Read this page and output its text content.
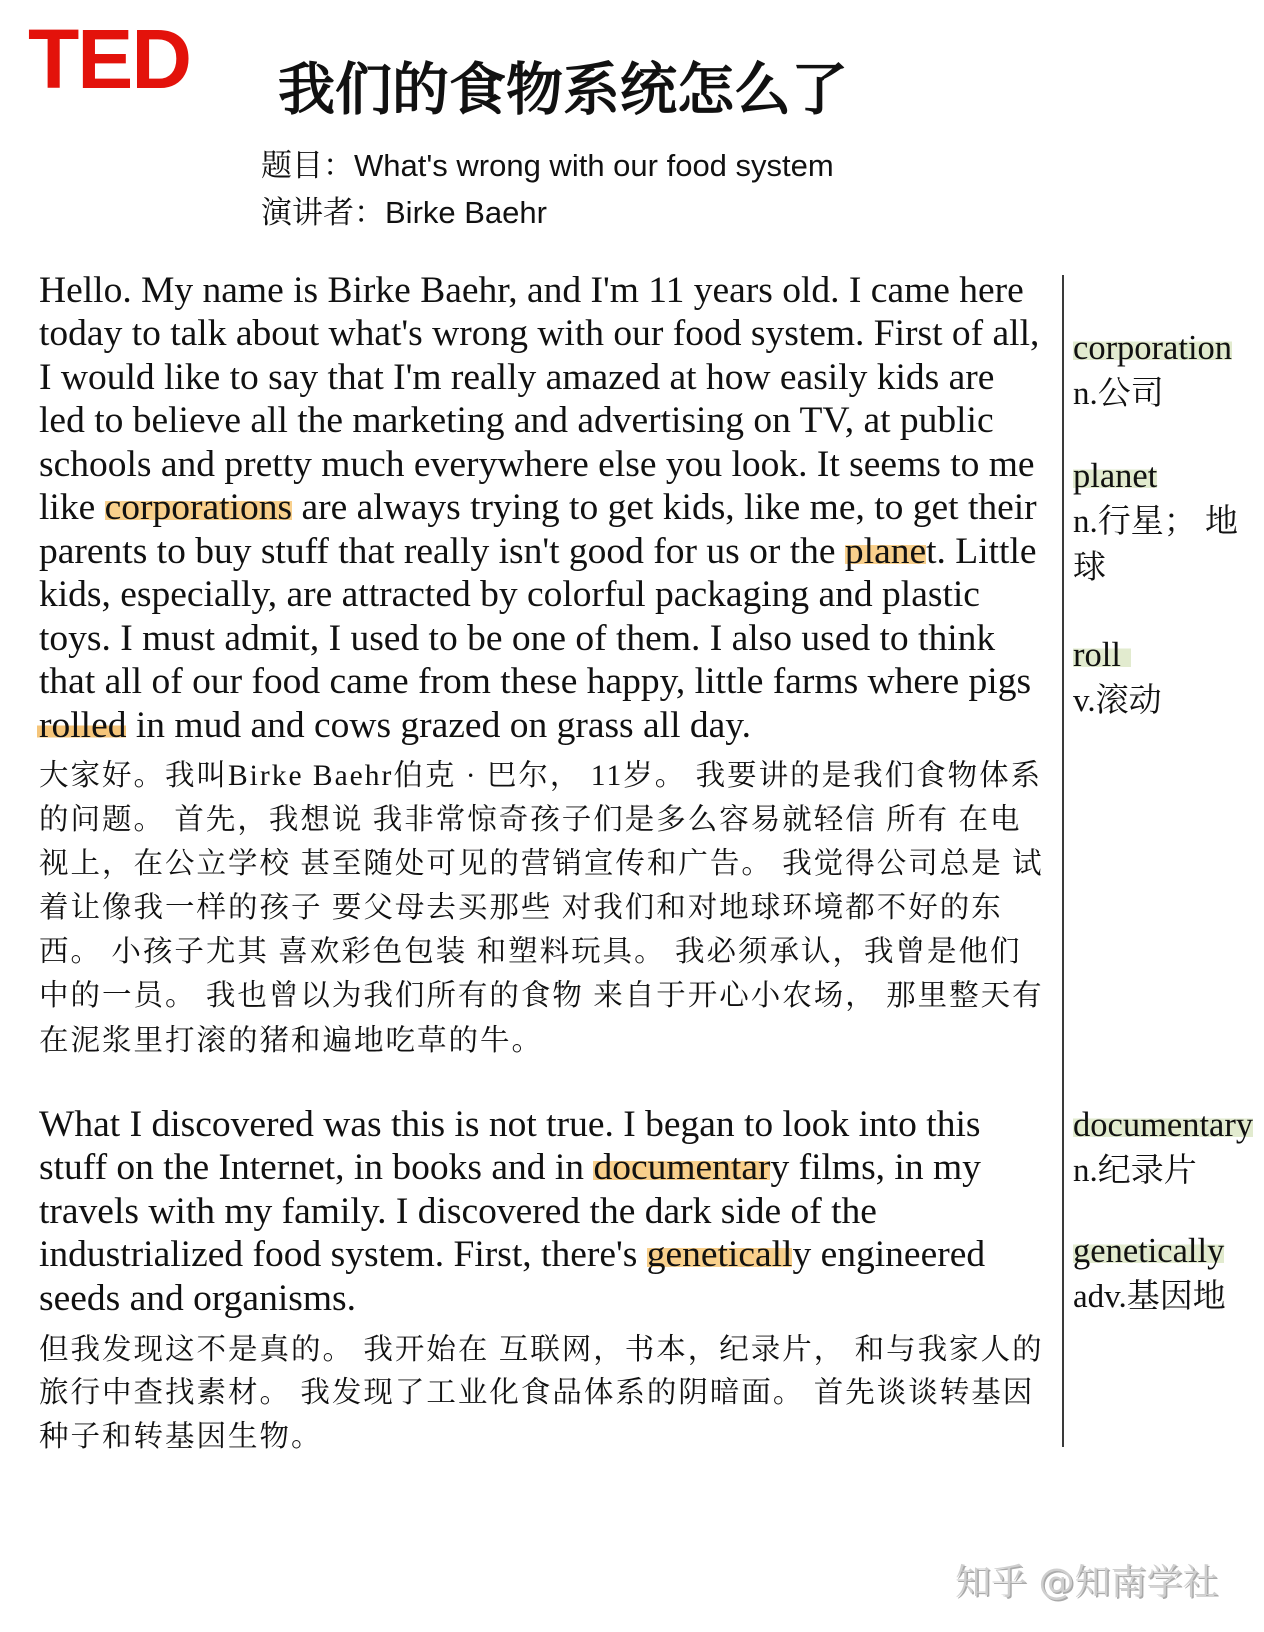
TED 我们的食物系统怎么了
题目：What's wrong with our food system
演讲者：Birke Baehr
Hello. My name is Birke Baehr, and I'm 11 years old. I came here
today to talk about what's wrong with our food system. First of all,
I would like to say that I'm really amazed at how easily kids are
led to believe all the marketing and advertising on TV, at public
schools and pretty much everywhere else you look. It seems to me
like corporations are always trying to get kids, like me, to get their
parents to buy stuff that really isn't good for us or the planet. Little
kids, especially, are attracted by colorful packaging and plastic
toys. I must admit, I used to be one of them. I also used to think
that all of our food came from these happy, little farms where pigs
rolled in mud and cows grazed on grass all day.
大家好。我叫Birke Baehr伯克 · 巴尔， 11岁。 我要讲的是我们食物体系
的问题。 首先，我想说 我非常惊奇孩子们是多么容易就轻信 所有 在电
视上，在公立学校 甚至随处可见的营销宣传和广告。 我觉得公司总是 试
着让像我一样的孩子 要父母去买那些 对我们和对地球环境都不好的东
西。 小孩子尤其 喜欢彩色包装 和塑料玩具。 我必须承认，我曾是他们
中的一员。 我也曾以为我们所有的食物 来自于开心小农场， 那里整天有
在泥浆里打滚的猪和遍地吃草的牛。
What I discovered was this is not true. I began to look into this
stuff on the Internet, in books and in documentary films, in my
travels with my family. I discovered the dark side of the
industrialized food system. First, there's genetically engineered
seeds and organisms.
但我发现这不是真的。 我开始在 互联网，书本，纪录片， 和与我家人的
旅行中查找素材。 我发现了工业化食品体系的阴暗面。 首先谈谈转基因
种子和转基因生物。
corporation
n.公司
planet
n.行星； 地
球
roll
v.滚动
documentary
n.纪录片
genetically
adv.基因地
知乎 @知南学社
